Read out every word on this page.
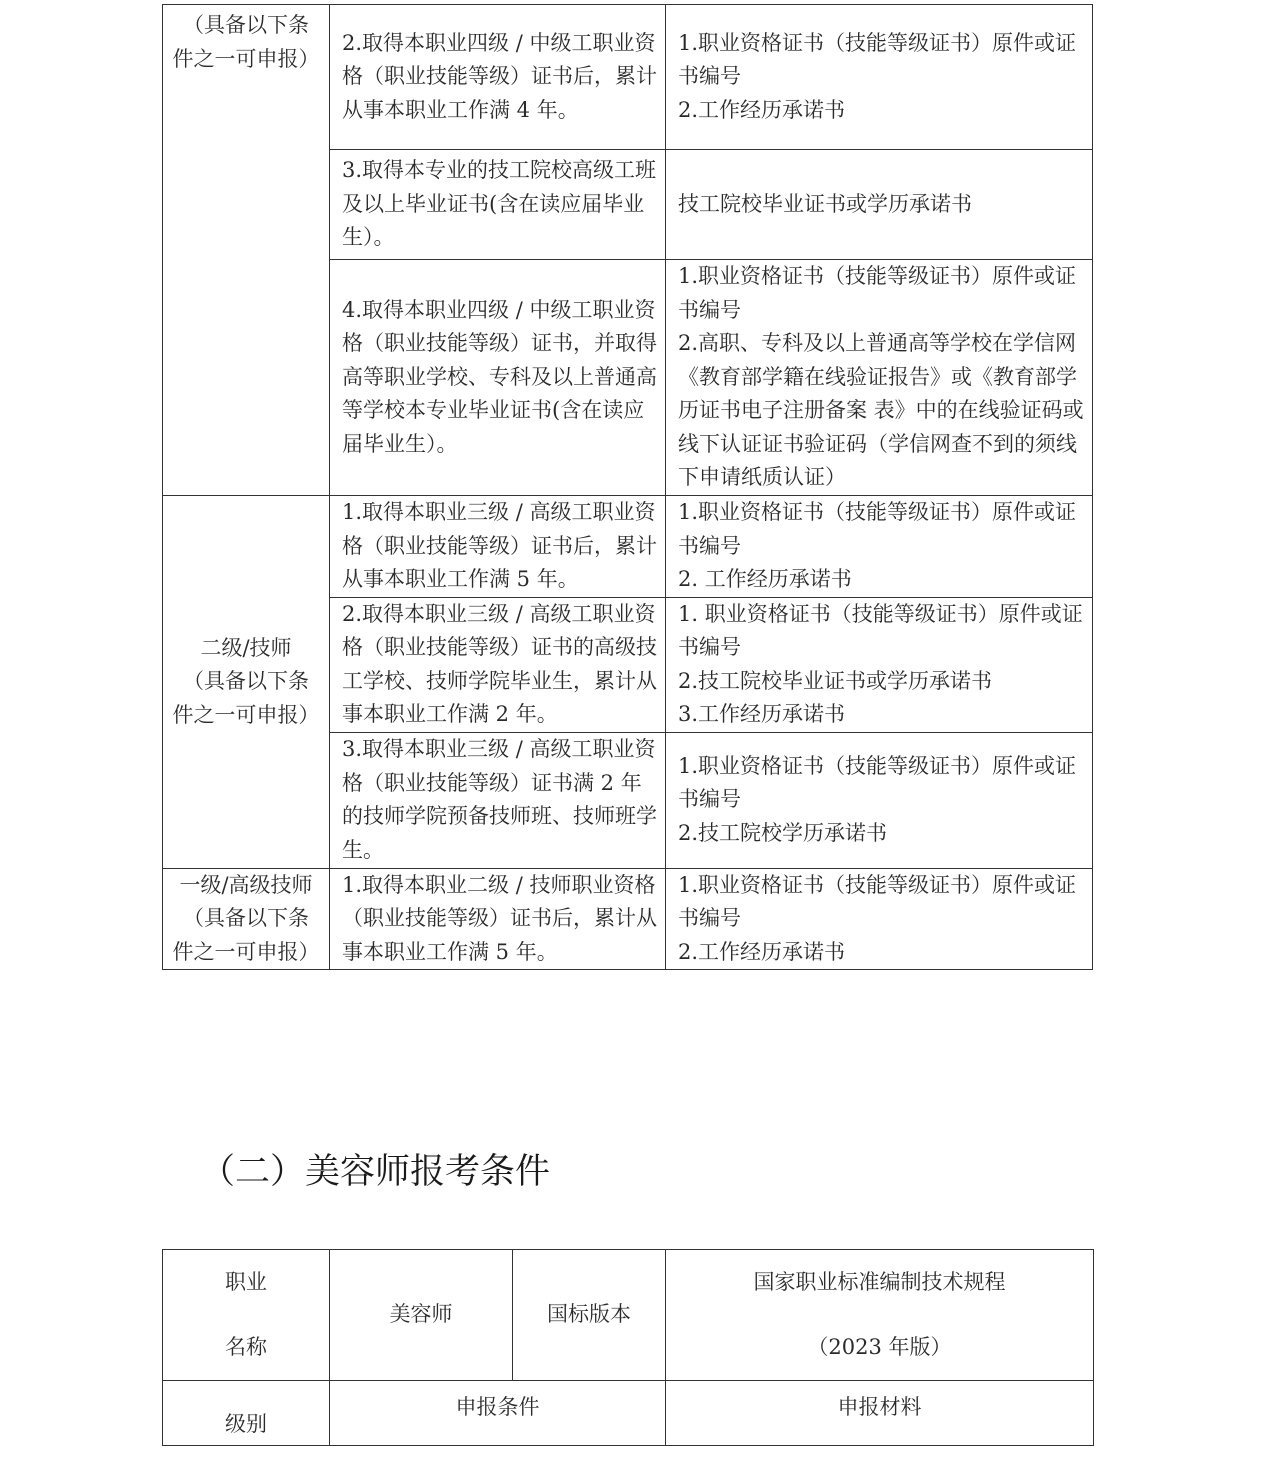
（具备以下条
件之一可申报）	2.取得本职业四级 / 中级工职业资格（职业技能等级）证书后，累计从事本职业工作满 4 年。	1.职业资格证书（技能等级证书）原件或证书编号
2.工作经历承诺书

	3.取得本专业的技工院校高级工班及以上毕业证书(含在读应届毕业生）。	技工院校毕业证书或学历承诺书

	4.取得本职业四级 / 中级工职业资格（职业技能等级）证书，并取得高等职业学校、专科及以上普通高等学校本专业毕业证书(含在读应届毕业生）。	1.职业资格证书（技能等级证书）原件或证书编号
2.高职、专科及以上普通高等学校在学信网《教育部学籍在线验证报告》或《教育部学历证书电子注册备案 表》中的在线验证码或线下认证证书验证码（学信网查不到的须线下申请纸质认证）

二级/技师
（具备以下条
件之一可申报）	1.取得本职业三级 / 高级工职业资格（职业技能等级）证书后，累计从事本职业工作满 5 年。	1.职业资格证书（技能等级证书）原件或证书编号
2. 工作经历承诺书

	2.取得本职业三级 / 高级工职业资格（职业技能等级）证书的高级技工学校、技师学院毕业生，累计从事本职业工作满 2 年。	1. 职业资格证书（技能等级证书）原件或证书编号
2.技工院校毕业证书或学历承诺书
3.工作经历承诺书

	3.取得本职业三级 / 高级工职业资格（职业技能等级）证书满 2 年的技师学院预备技师班、技师班学生。	1.职业资格证书（技能等级证书）原件或证书编号
2.技工院校学历承诺书

一级/高级技师
（具备以下条
件之一可申报）	1.取得本职业二级 / 技师职业资格（职业技能等级）证书后，累计从事本职业工作满 5 年。	1.职业资格证书（技能等级证书）原件或证书编号
2.工作经历承诺书
（二）美容师报考条件
职业
名称	美容师	国标版本	国家职业标准编制技术规程
（2023 年版）

级别	申报条件		申报材料
